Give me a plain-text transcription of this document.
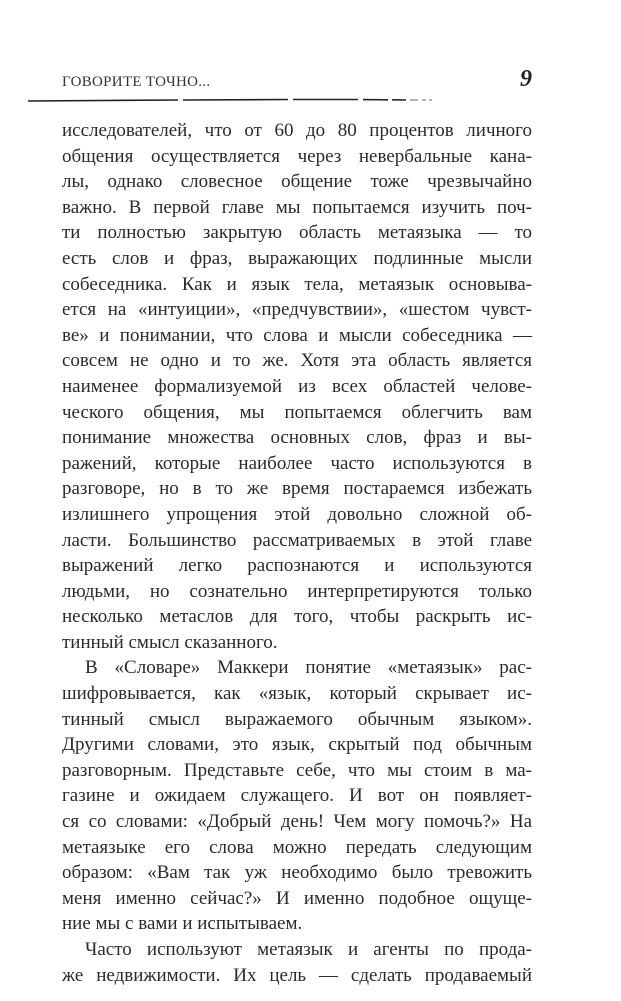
ГОВОРИТЕ ТОЧНО...	9
исследователей, что от 60 до 80 процентов личного
общения осуществляется через невербальные кана-
лы, однако словесное общение тоже чрезвычайно
важно. В первой главе мы попытаемся изучить поч-
ти полностью закрытую область метаязыка — то
есть слов и фраз, выражающих подлинные мысли
собеседника. Как и язык тела, метаязык основыва-
ется на «интуиции», «предчувствии», «шестом чувст-
ве» и понимании, что слова и мысли собеседника —
совсем не одно и то же. Хотя эта область является
наименее формализуемой из всех областей челове-
ческого общения, мы попытаемся облегчить вам
понимание множества основных слов, фраз и вы-
ражений, которые наиболее часто используются в
разговоре, но в то же время постараемся избежать
излишнего упрощения этой довольно сложной об-
ласти. Большинство рассматриваемых в этой главе
выражений легко распознаются и используются
людьми, но сознательно интерпретируются только
несколько метаслов для того, чтобы раскрыть ис-
тинный смысл сказанного.
В «Словаре» Маккери понятие «метаязык» рас-
шифровывается, как «язык, который скрывает ис-
тинный смысл выражаемого обычным языком».
Другими словами, это язык, скрытый под обычным
разговорным. Представьте себе, что мы стоим в ма-
газине и ожидаем служащего. И вот он появляет-
ся со словами: «Добрый день! Чем могу помочь?» На
метаязыке его слова можно передать следующим
образом: «Вам так уж необходимо было тревожить
меня именно сейчас?» И именно подобное ощуще-
ние мы с вами и испытываем.
Часто используют метаязык и агенты по прода-
же недвижимости. Их цель — сделать продаваемый
